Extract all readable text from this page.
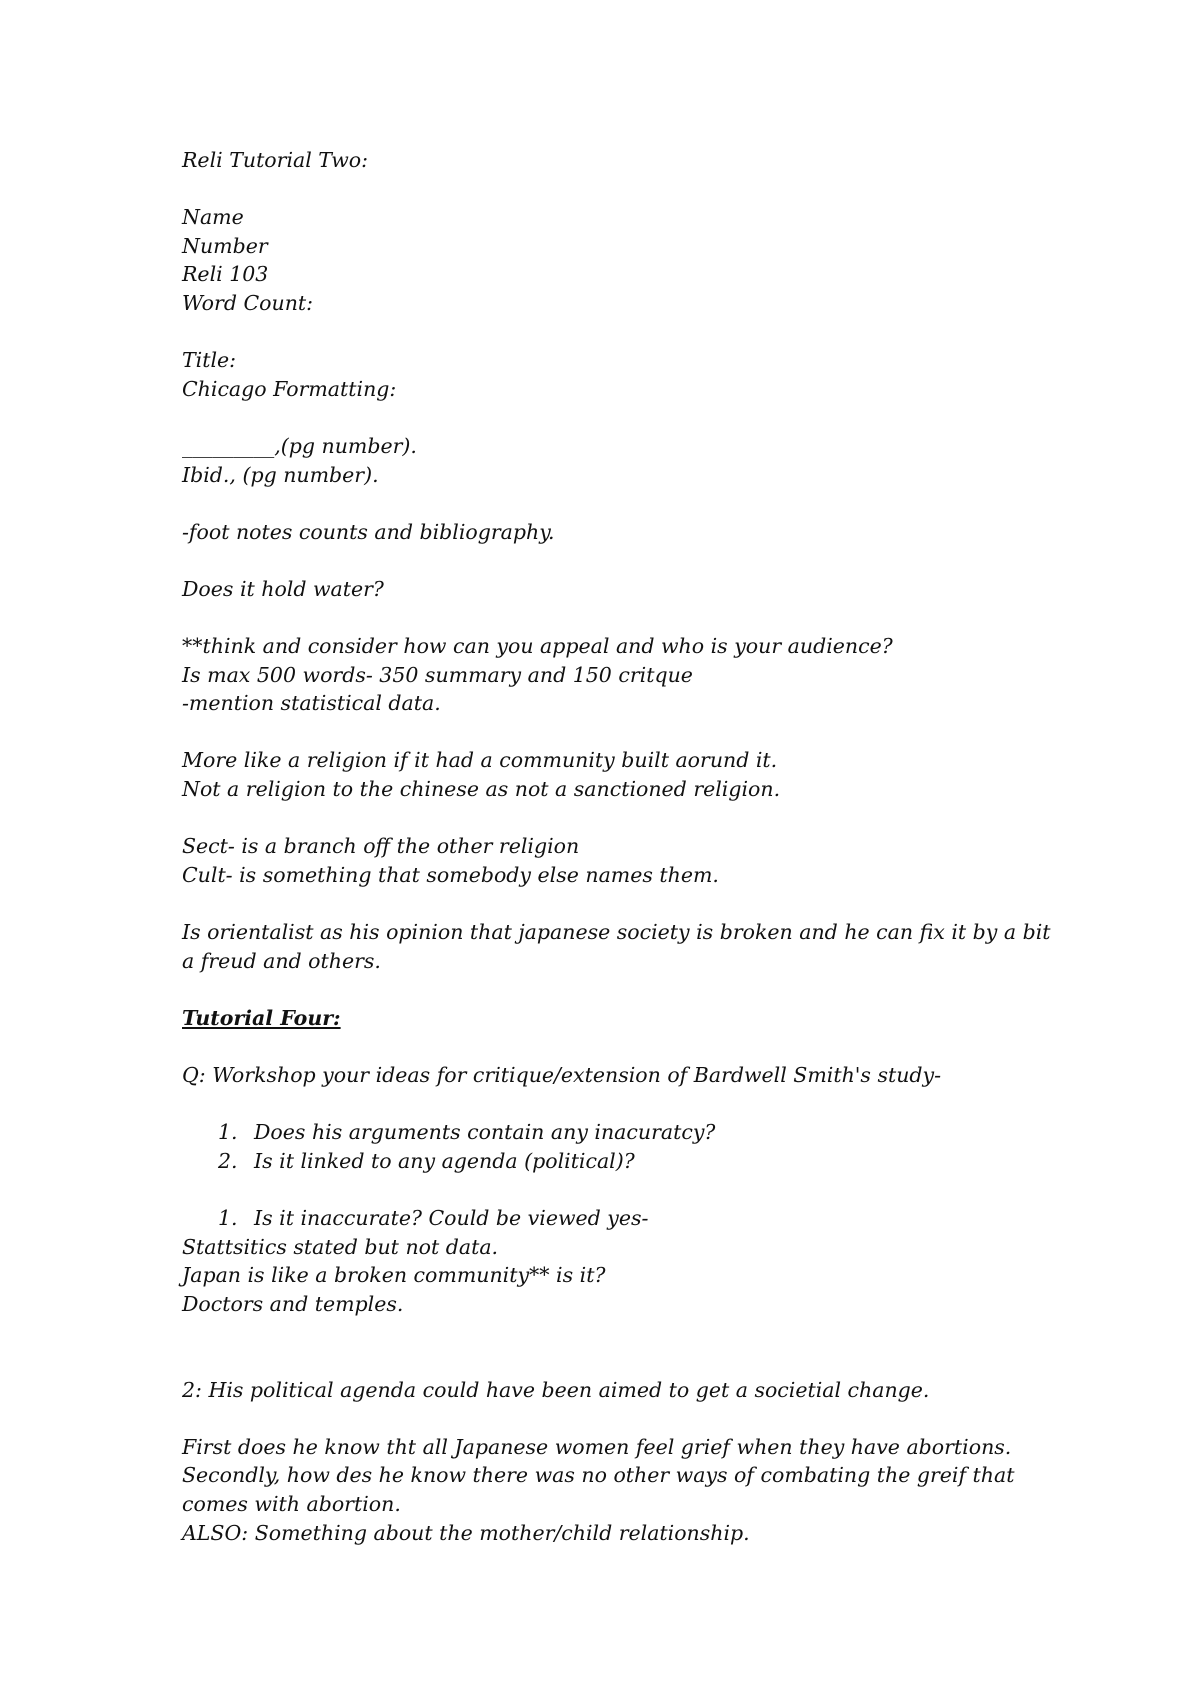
Reli Tutorial Two:
Name
Number
Reli 103
Word Count:
Title:
Chicago Formatting:
_________,(pg number).
Ibid., (pg number).
-foot notes counts and bibliography.
Does it hold water?
**think and consider how can you appeal and who is your audience?
Is max 500 words- 350 summary and 150 critque
-mention statistical data.
More like a religion if it had a community built aorund it.
Not a religion to the chinese as not a sanctioned religion.
Sect- is a branch off the other religion
Cult- is something that somebody else names them.
Is orientalist as his opinion that japanese society is broken and he can fix it by a bit
a freud and others.
Tutorial Four:
Q: Workshop your ideas for critique/extension of Bardwell Smith's study-
1. Does his arguments contain any inacuratcy?
2. Is it linked to any agenda (political)?
1. Is it inaccurate? Could be viewed yes-
Stattsitics stated but not data.
Japan is like a broken community** is it?
Doctors and temples.
2: His political agenda could have been aimed to get a societial change.
First does he know tht all Japanese women feel grief when they have abortions.
Secondly, how des he know there was no other ways of combating the greif that
comes with abortion.
ALSO: Something about the mother/child relationship.
